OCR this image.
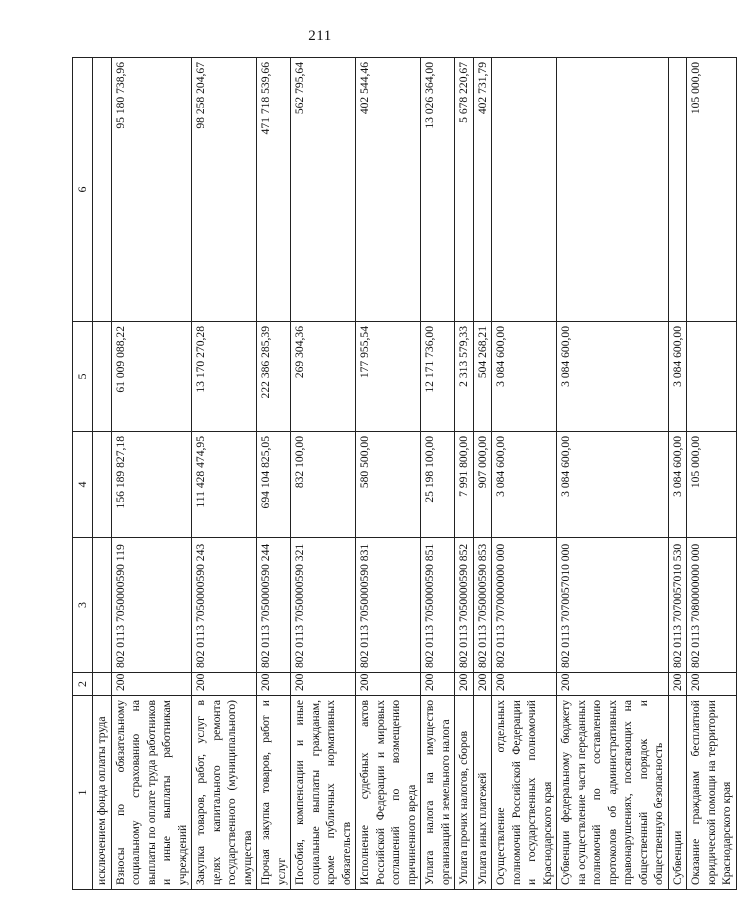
211
1	2	3	4	5	6
исключением фонда оплаты труда					
Взносы по обязательному социальному страхованию на выплаты по оплате труда работников и иные выплаты работникам учреждений	200	802 0113 7050000590 119	156 189 827,18	61 009 088,22	95 180 738,96
Закупка товаров, работ, услуг в целях капитального ремонта государственного (муниципального) имущества	200	802 0113 7050000590 243	111 428 474,95	13 170 270,28	98 258 204,67
Прочая закупка товаров, работ и услуг	200	802 0113 7050000590 244	694 104 825,05	222 386 285,39	471 718 539,66
Пособия, компенсации и иные социальные выплаты гражданам, кроме публичных нормативных обязательств	200	802 0113 7050000590 321	832 100,00	269 304,36	562 795,64
Исполнение судебных актов Российской Федерации и мировых соглашений по возмещению причиненного вреда	200	802 0113 7050000590 831	580 500,00	177 955,54	402 544,46
Уплата налога на имущество организаций и земельного налога	200	802 0113 7050000590 851	25 198 100,00	12 171 736,00	13 026 364,00
Уплата прочих налогов, сборов	200	802 0113 7050000590 852	7 991 800,00	2 313 579,33	5 678 220,67
Уплата иных платежей	200	802 0113 7050000590 853	907 000,00	504 268,21	402 731,79
Осуществление отдельных полномочий Российской Федерации и государственных полномочий Краснодарского края	200	802 0113 7070000000 000	3 084 600,00	3 084 600,00	
Субвенции федеральному бюджету на осуществление части переданных полномочий по составлению протоколов об административных правонарушениях, посягающих на общественный порядок и общественную безопасность	200	802 0113 7070057010 000	3 084 600,00	3 084 600,00	
Субвенции	200	802 0113 7070057010 530	3 084 600,00	3 084 600,00	
Оказание гражданам бесплатной юридической помощи на территории Краснодарского края	200	802 0113 7080000000 000	105 000,00		105 000,00
